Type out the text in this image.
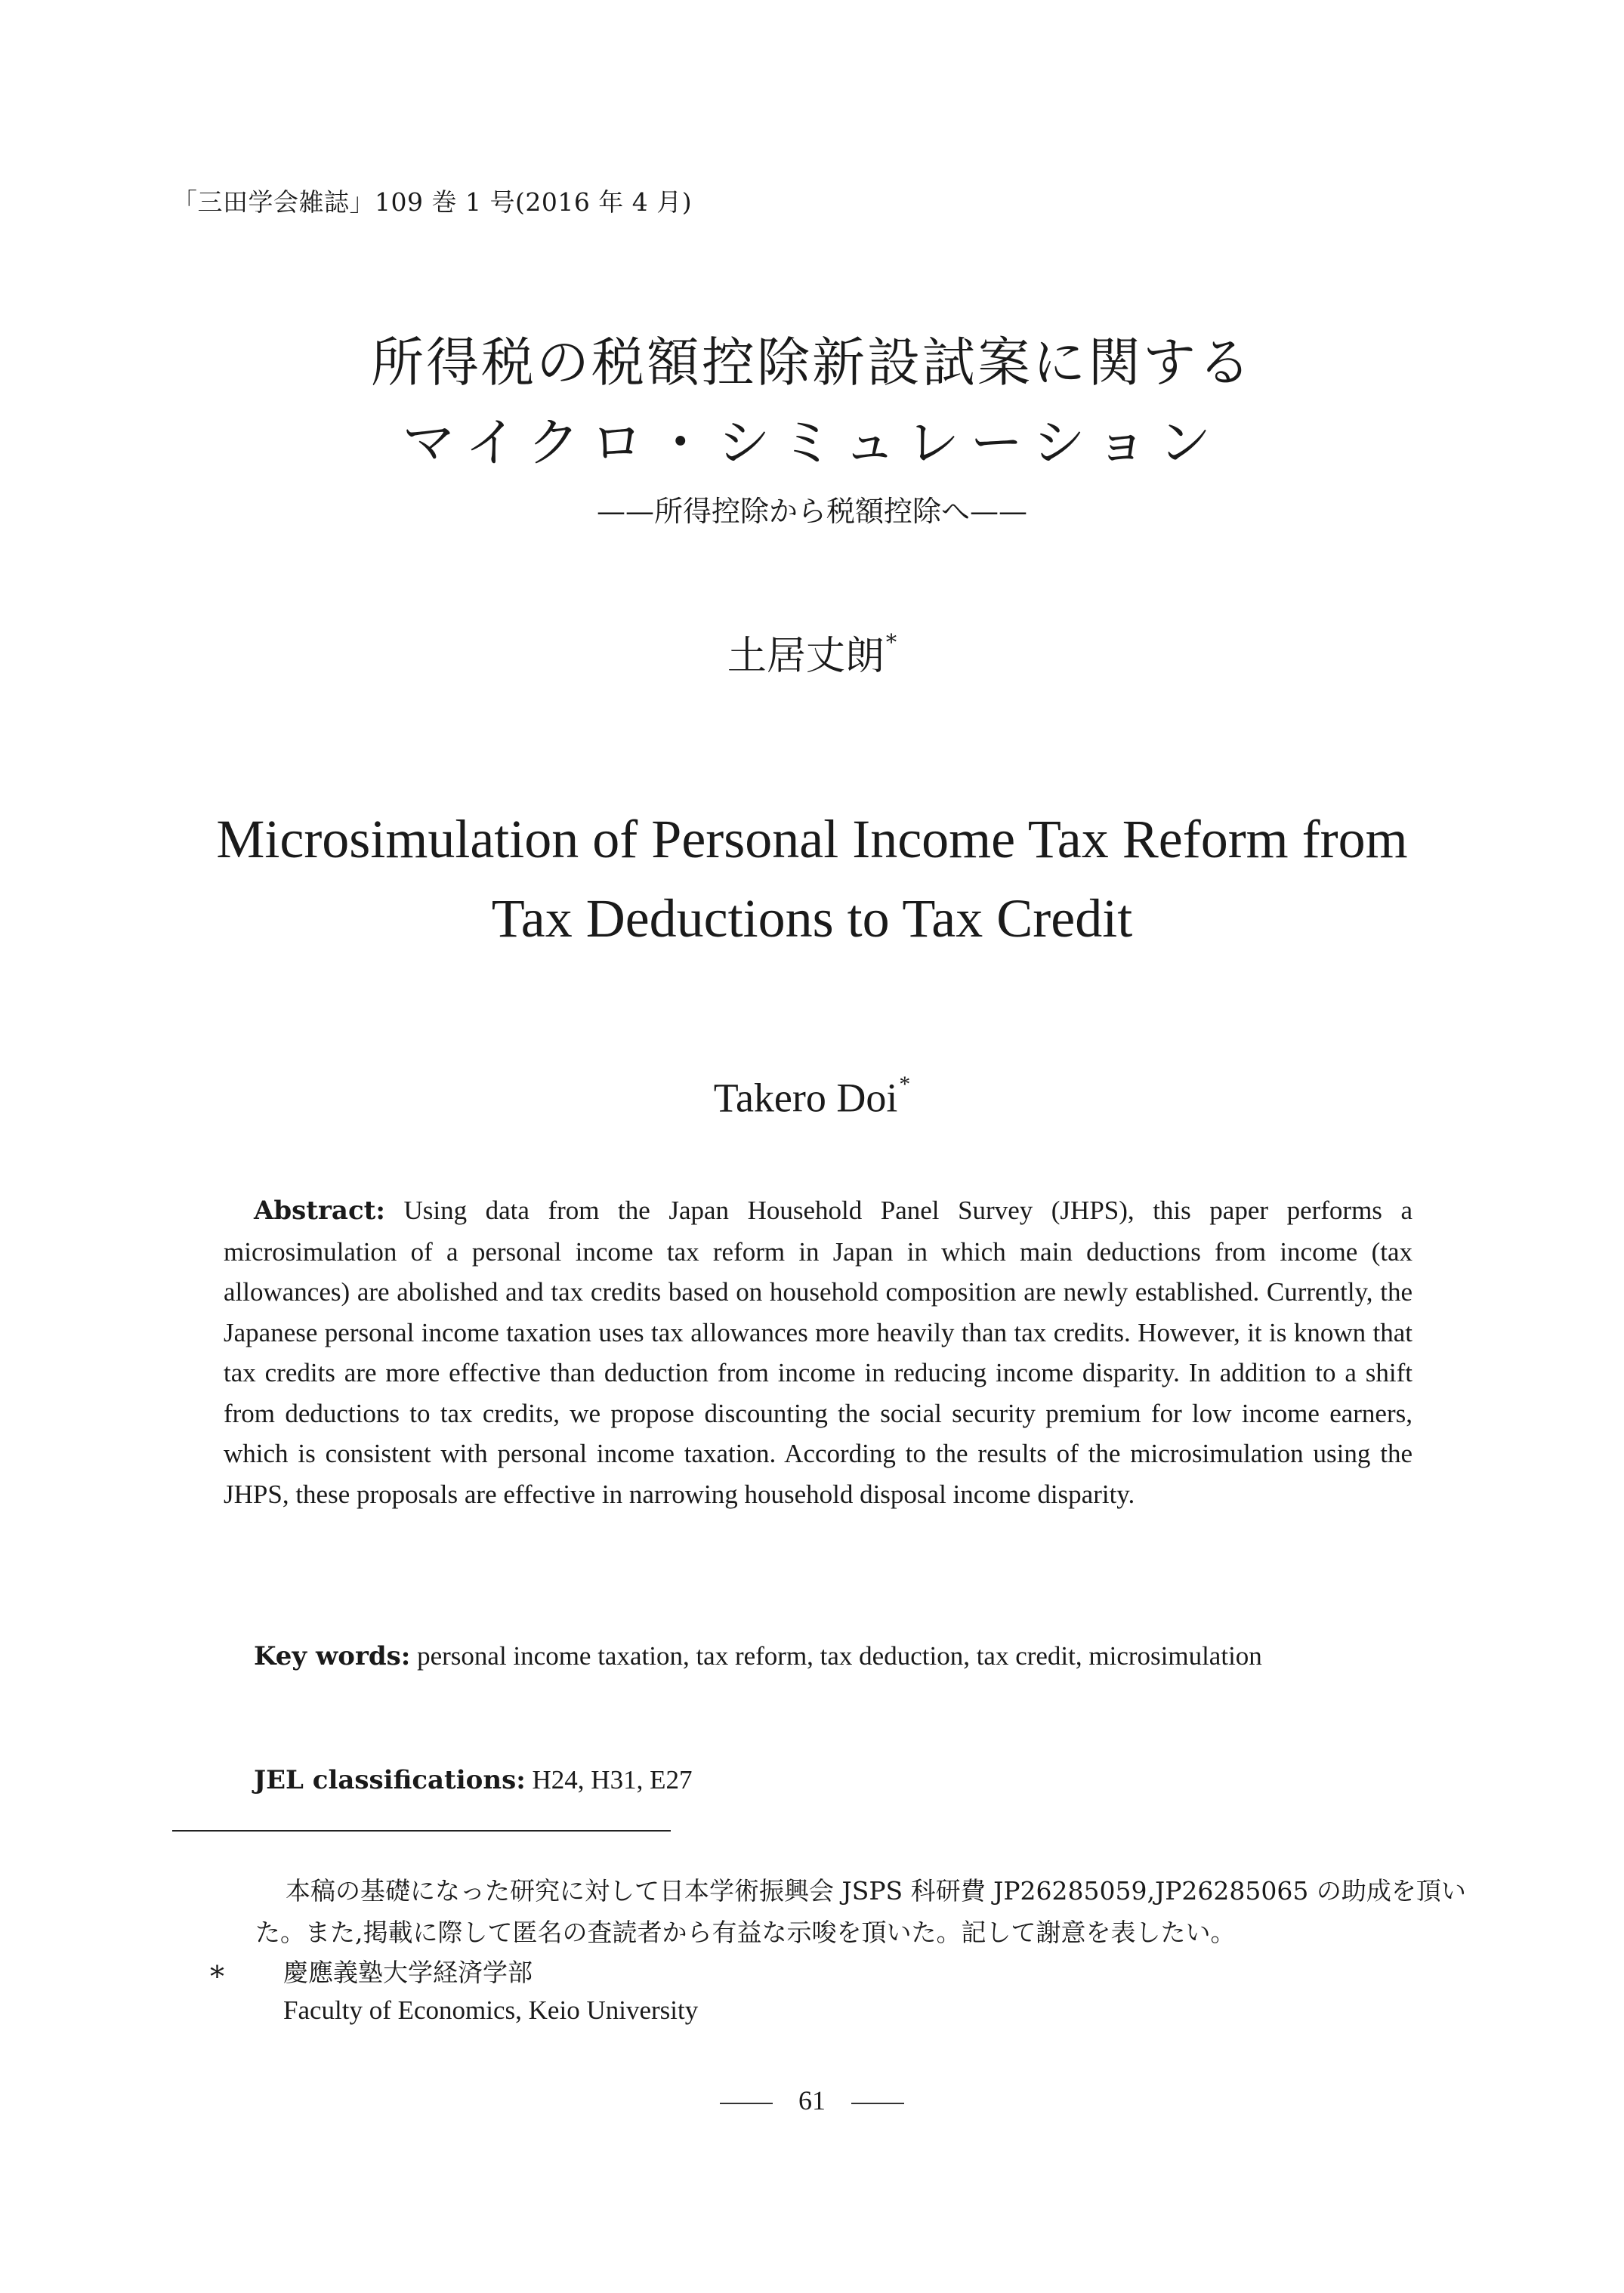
「三田学会雑誌」109 巻 1 号(2016 年 4 月)
所得税の税額控除新設試案に関する
マイクロ・シミュレーション
——所得控除から税額控除へ——
土居丈朗*
Microsimulation of Personal Income Tax Reform from
Tax Deductions to Tax Credit
Takero Doi*
Abstract: Using data from the Japan Household Panel Survey (JHPS), this paper performs a microsimulation of a personal income tax reform in Japan in which main deductions from income (tax allowances) are abolished and tax credits based on household composition are newly established. Currently, the Japanese personal income taxation uses tax allowances more heavily than tax credits. However, it is known that tax credits are more effective than deduction from income in reducing income disparity. In addition to a shift from deductions to tax credits, we propose discounting the social security premium for low income earners, which is consistent with personal income taxation. According to the results of the microsimulation using the JHPS, these proposals are effective in narrowing household disposal income disparity.
Key words: personal income taxation, tax reform, tax deduction, tax credit, microsimulation
JEL classifications: H24, H31, E27
本稿の基礎になった研究に対して日本学術振興会 JSPS 科研費 JP26285059,JP26285065 の助成を頂いた。また,掲載に際して匿名の査読者から有益な示唆を頂いた。記して謝意を表したい。
* 慶應義塾大学経済学部
Faculty of Economics, Keio University
61
